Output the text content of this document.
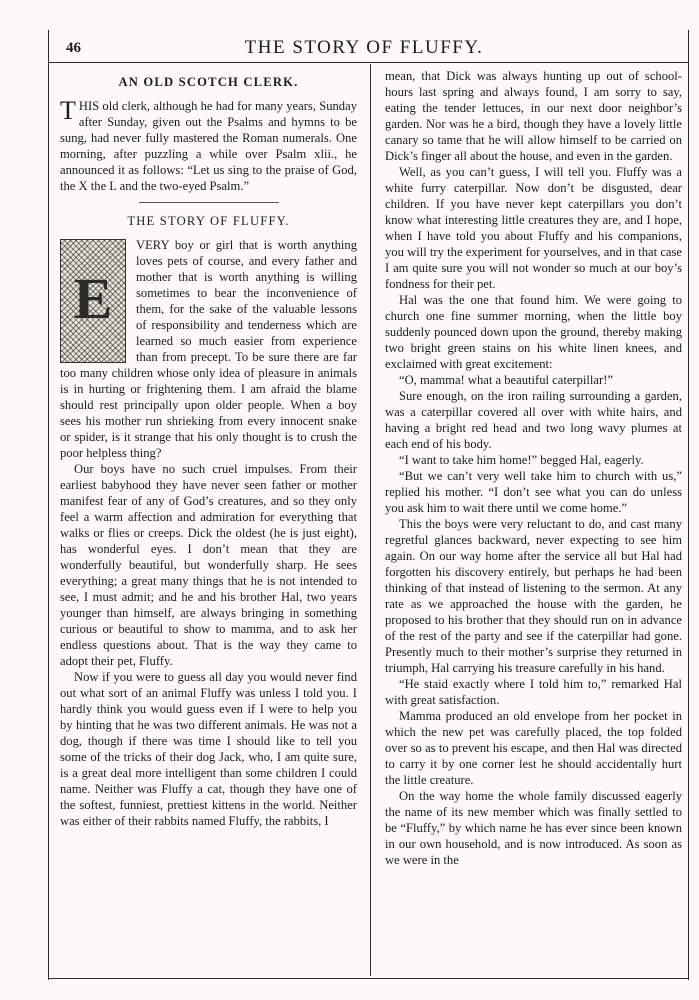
46	THE STORY OF FLUFFY.
AN OLD SCOTCH CLERK.

THIS old clerk, although he had for many years, Sunday after Sunday, given out the Psalms and hymns to be sung, had never fully mastered the Roman numerals. One morning, after puzzling a while over Psalm xlii., he announced it as follows: “Let us sing to the praise of God, the X the L and the two-eyed Psalm.”

THE STORY OF FLUFFY.

E
VERY boy or girl that is worth anything loves pets of course, and every father and mother that is worth anything is willing sometimes to bear the inconvenience of them, for the sake of the valuable lessons of responsibility and tenderness which are learned so much easier from experience than from precept. To be sure there are far too many children whose only idea of pleasure in animals is in hurting or frightening them. I am afraid the blame should rest principally upon older people. When a boy sees his mother run shrieking from every innocent snake or spider, is it strange that his only thought is to crush the poor helpless thing?

Our boys have no such cruel impulses. From their earliest babyhood they have never seen father or mother manifest fear of any of God’s creatures, and so they only feel a warm affection and admiration for everything that walks or flies or creeps. Dick the oldest (he is just eight), has wonderful eyes. I don’t mean that they are wonderfully beautiful, but wonderfully sharp. He sees everything; a great many things that he is not intended to see, I must admit; and he and his brother Hal, two years younger than himself, are always bringing in something curious or beautiful to show to mamma, and to ask her endless questions about. That is the way they came to adopt their pet, Fluffy.

Now if you were to guess all day you would never find out what sort of an animal Fluffy was unless I told you. I hardly think you would guess even if I were to help you by hinting that he was two different animals. He was not a dog, though if there was time I should like to tell you some of the tricks of their dog Jack, who, I am quite sure, is a great deal more intelligent than some children I could name. Neither was Fluffy a cat, though they have one of the softest, funniest, prettiest kittens in the world. Neither was either of their rabbits named Fluffy, the rabbits, I

mean, that Dick was always hunting up out of school-hours last spring and always found, I am sorry to say, eating the tender lettuces, in our next door neighbor’s garden. Nor was he a bird, though they have a lovely little canary so tame that he will allow himself to be carried on Dick’s finger all about the house, and even in the garden.

Well, as you can’t guess, I will tell you. Fluffy was a white furry caterpillar. Now don’t be disgusted, dear children. If you have never kept caterpillars you don’t know what interesting little creatures they are, and I hope, when I have told you about Fluffy and his companions, you will try the experiment for yourselves, and in that case I am quite sure you will not wonder so much at our boy’s fondness for their pet.

Hal was the one that found him. We were going to church one fine summer morning, when the little boy suddenly pounced down upon the ground, thereby making two bright green stains on his white linen knees, and exclaimed with great excitement:

“O, mamma! what a beautiful caterpillar!”

Sure enough, on the iron railing surrounding a garden, was a caterpillar covered all over with white hairs, and having a bright red head and two long wavy plumes at each end of his body.

“I want to take him home!” begged Hal, eagerly.

“But we can’t very well take him to church with us,” replied his mother. “I don’t see what you can do unless you ask him to wait there until we come home.”

This the boys were very reluctant to do, and cast many regretful glances backward, never expecting to see him again. On our way home after the service all but Hal had forgotten his discovery entirely, but perhaps he had been thinking of that instead of listening to the sermon. At any rate as we approached the house with the garden, he proposed to his brother that they should run on in advance of the rest of the party and see if the caterpillar had gone. Presently much to their mother’s surprise they returned in triumph, Hal carrying his treasure carefully in his hand.

“He staid exactly where I told him to,” remarked Hal with great satisfaction.

Mamma produced an old envelope from her pocket in which the new pet was carefully placed, the top folded over so as to prevent his escape, and then Hal was directed to carry it by one corner lest he should accidentally hurt the little creature.

On the way home the whole family discussed eagerly the name of its new member which was finally settled to be “Fluffy,” by which name he has ever since been known in our own household, and is now introduced. As soon as we were in the
